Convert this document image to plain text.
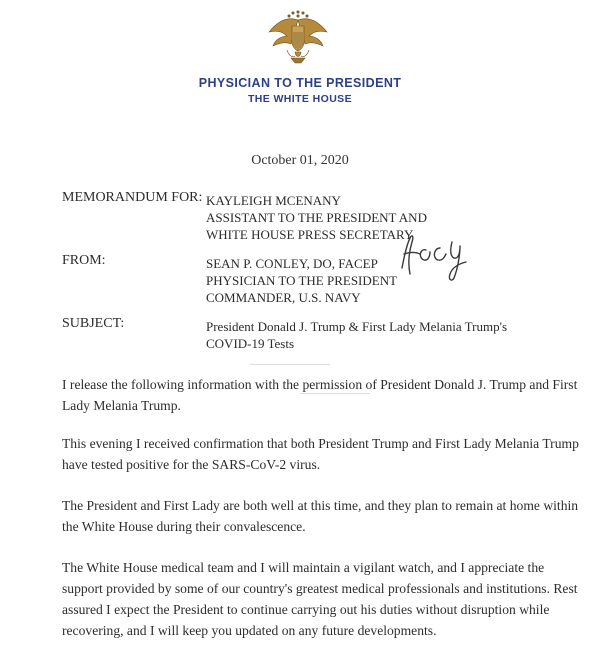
PHYSICIAN TO THE PRESIDENT
THE WHITE HOUSE
October 01, 2020
MEMORANDUM FOR: KAYLEIGH MCENANY
ASSISTANT TO THE PRESIDENT AND
WHITE HOUSE PRESS SECRETARY
FROM:	SEAN P. CONLEY, DO, FACEP
PHYSICIAN TO THE PRESIDENT
COMMANDER, U.S. NAVY
SUBJECT:	President Donald J. Trump & First Lady Melania Trump's
COVID-19 Tests
I release the following information with the permission of President Donald J. Trump and First Lady Melania Trump.
This evening I received confirmation that both President Trump and First Lady Melania Trump have tested positive for the SARS-CoV-2 virus.
The President and First Lady are both well at this time, and they plan to remain at home within the White House during their convalescence.
The White House medical team and I will maintain a vigilant watch, and I appreciate the support provided by some of our country's greatest medical professionals and institutions. Rest assured I expect the President to continue carrying out his duties without disruption while recovering, and I will keep you updated on any future developments.
